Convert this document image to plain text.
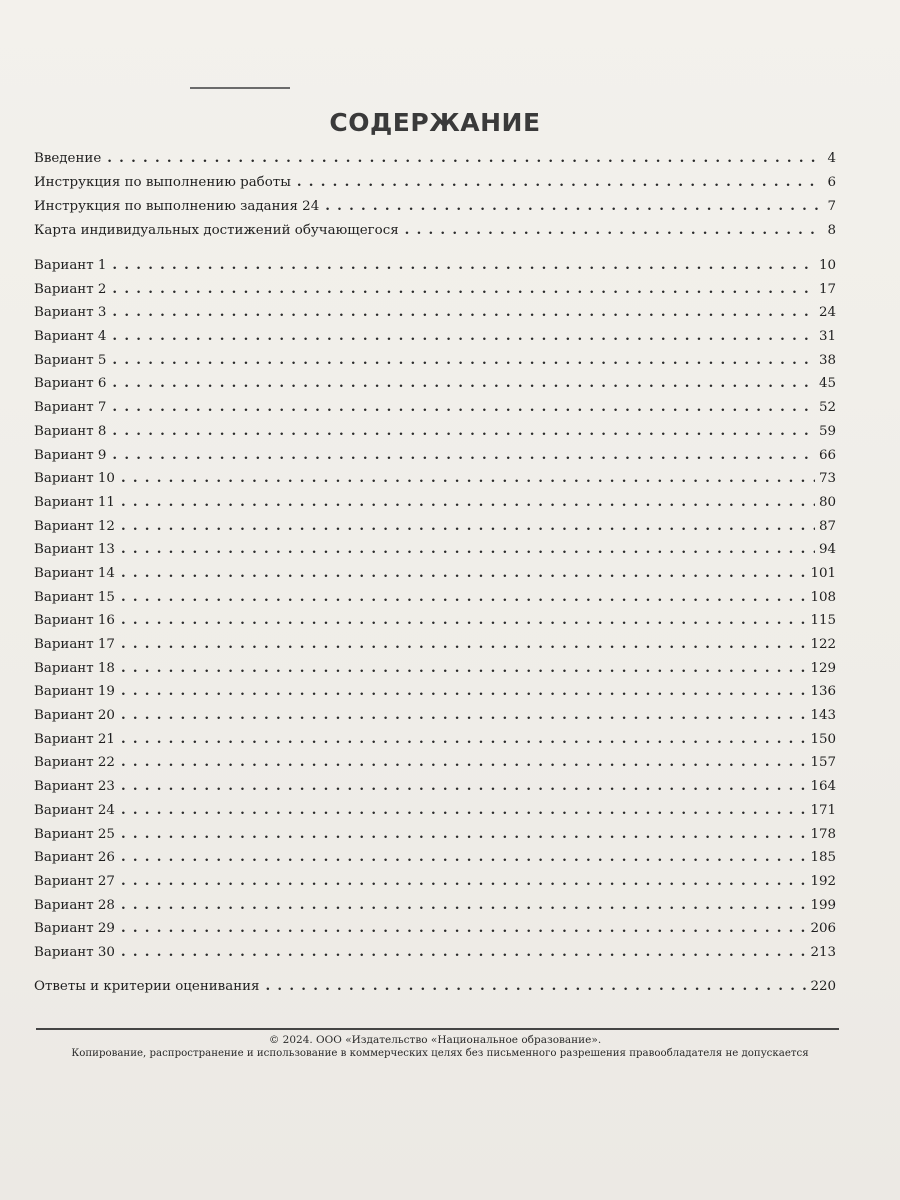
СОДЕРЖАНИЕ
Введение . . .	4
Инструкция по выполнению работы . . .	6
Инструкция по выполнению задания 24 . . .	7
Карта индивидуальных достижений обучающегося . . .	8
Вариант 1 . . .	10
Вариант 2 . . .	17
Вариант 3 . . .	24
Вариант 4 . . .	31
Вариант 5 . . .	38
Вариант 6 . . .	45
Вариант 7 . . .	52
Вариант 8 . . .	59
Вариант 9 . . .	66
Вариант 10 . . .	73
Вариант 11 . . .	80
Вариант 12 . . .	87
Вариант 13 . . .	94
Вариант 14 . . .	101
Вариант 15 . . .	108
Вариант 16 . . .	115
Вариант 17 . . .	122
Вариант 18 . . .	129
Вариант 19 . . .	136
Вариант 20 . . .	143
Вариант 21 . . .	150
Вариант 22 . . .	157
Вариант 23 . . .	164
Вариант 24 . . .	171
Вариант 25 . . .	178
Вариант 26 . . .	185
Вариант 27 . . .	192
Вариант 28 . . .	199
Вариант 29 . . .	206
Вариант 30 . . .	213
Ответы и критерии оценивания . . .	220
© 2024. ООО «Издательство «Национальное образование».
Копирование, распространение и использование в коммерческих целях без письменного разрешения правообладателя не допускается
